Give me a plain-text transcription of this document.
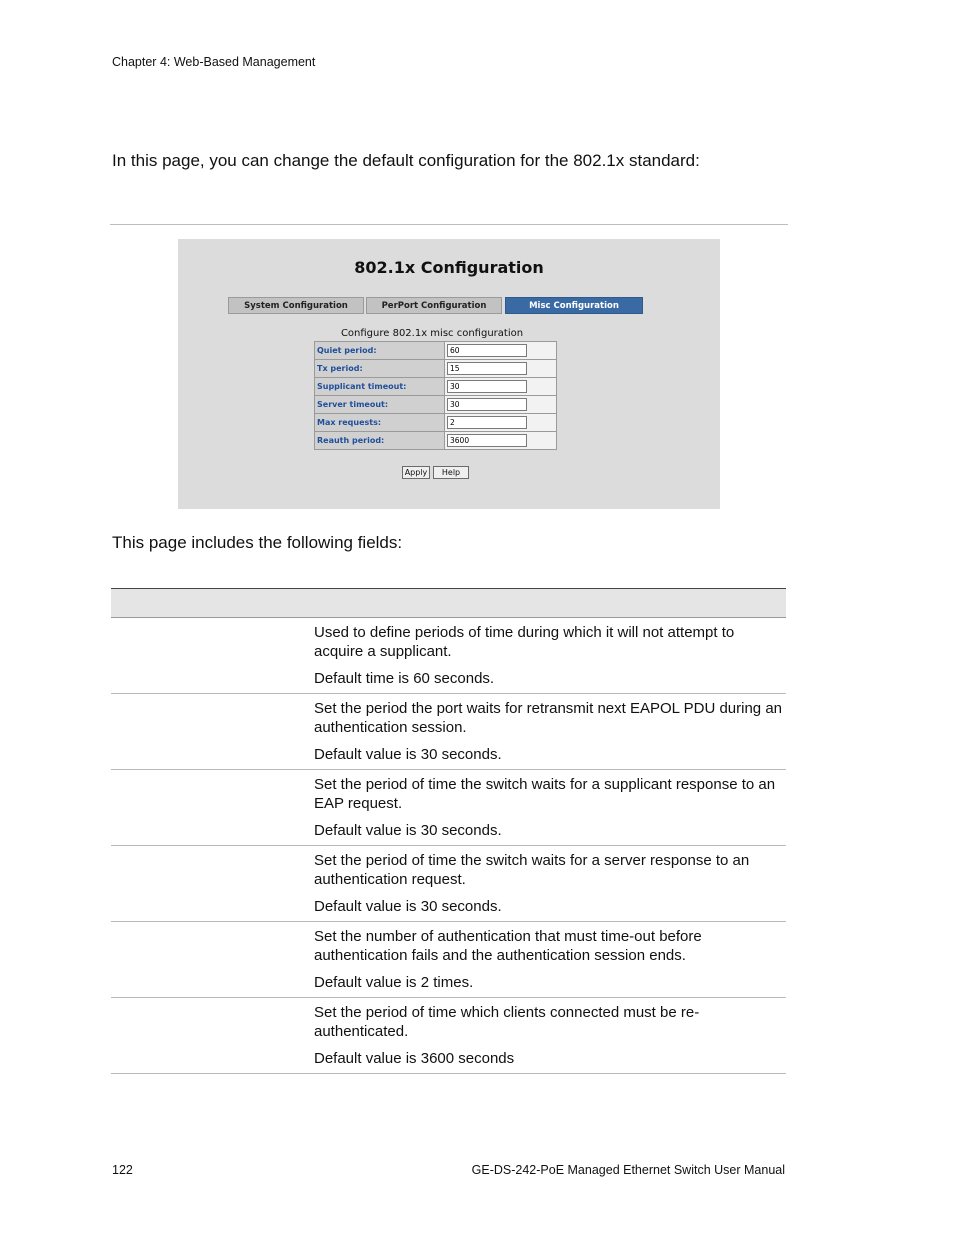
Chapter 4: Web-Based Management
In this page, you can change the default configuration for the 802.1x standard:
802.1x Configuration
System Configuration	PerPort Configuration	Misc Configuration
Configure 802.1x misc configuration
Quiet period:	
60
Tx period:	
15
Supplicant timeout:	
30
Server timeout:	
30
Max requests:	
2
Reauth period:	
3600
Apply	Help
This page includes the following fields:
Used to define periods of time during which it will not attempt to acquire a supplicant.
Default time is 60 seconds.
Set the period the port waits for retransmit next EAPOL PDU during an authentication session.
Default value is 30 seconds.
Set the period of time the switch waits for a supplicant response to an EAP request.
Default value is 30 seconds.
Set the period of time the switch waits for a server response to an authentication request.
Default value is 30 seconds.
Set the number of authentication that must time-out before authentication fails and the authentication session ends.
Default value is 2 times.
Set the period of time which clients connected must be re-authenticated.
Default value is 3600 seconds
122	GE-DS-242-PoE Managed Ethernet Switch User Manual
